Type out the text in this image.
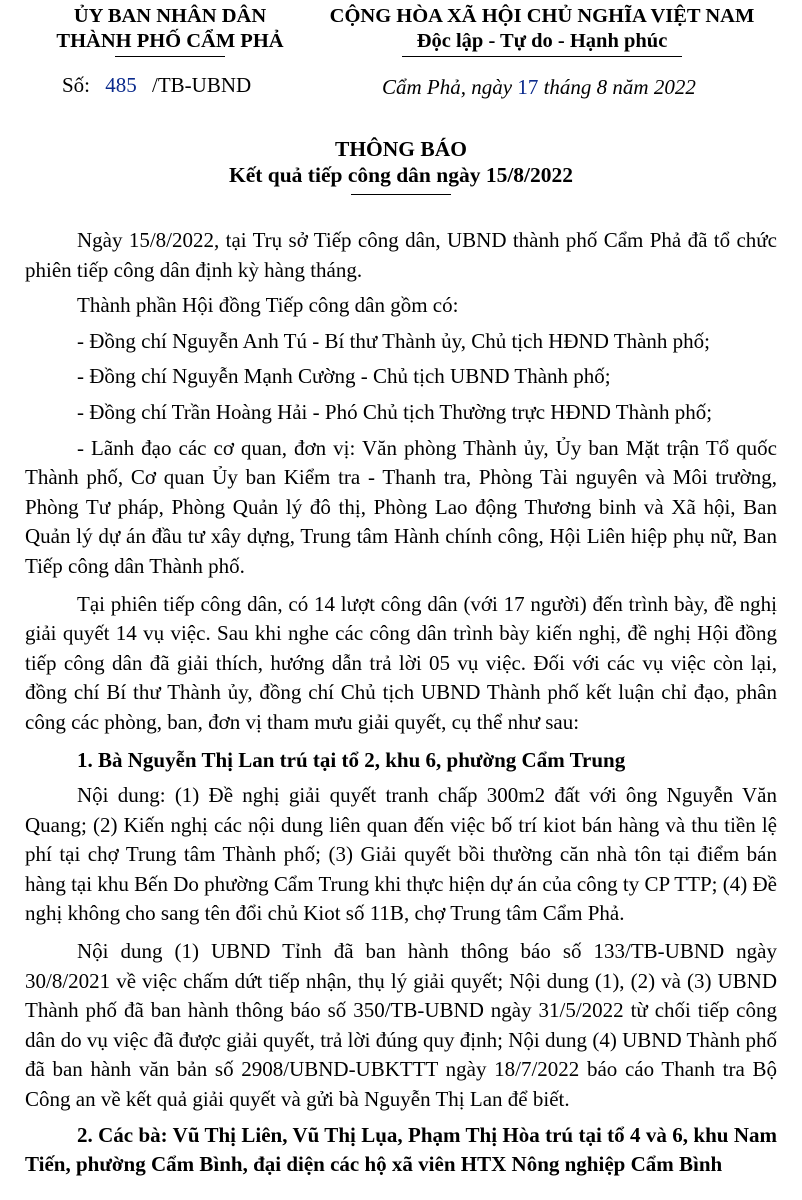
ỦY BAN NHÂN DÂN
THÀNH PHỐ CẨM PHẢ
CỘNG HÒA XÃ HỘI CHỦ NGHĨA VIỆT NAM
Độc lập - Tự do - Hạnh phúc
Số: 485 /TB-UBND	Cẩm Phả, ngày 17 tháng 8 năm 2022
THÔNG BÁO
Kết quả tiếp công dân ngày 15/8/2022

Ngày 15/8/2022, tại Trụ sở Tiếp công dân, UBND thành phố Cẩm Phả đã tổ chức phiên tiếp công dân định kỳ hàng tháng.

Thành phần Hội đồng Tiếp công dân gồm có:

- Đồng chí Nguyễn Anh Tú - Bí thư Thành ủy, Chủ tịch HĐND Thành phố;

- Đồng chí Nguyễn Mạnh Cường - Chủ tịch UBND Thành phố;

- Đồng chí Trần Hoàng Hải - Phó Chủ tịch Thường trực HĐND Thành phố;

- Lãnh đạo các cơ quan, đơn vị: Văn phòng Thành ủy, Ủy ban Mặt trận Tổ quốc Thành phố, Cơ quan Ủy ban Kiểm tra - Thanh tra, Phòng Tài nguyên và Môi trường, Phòng Tư pháp, Phòng Quản lý đô thị, Phòng Lao động Thương binh và Xã hội, Ban Quản lý dự án đầu tư xây dựng, Trung tâm Hành chính công, Hội Liên hiệp phụ nữ, Ban Tiếp công dân Thành phố.

Tại phiên tiếp công dân, có 14 lượt công dân (với 17 người) đến trình bày, đề nghị giải quyết 14 vụ việc. Sau khi nghe các công dân trình bày kiến nghị, đề nghị Hội đồng tiếp công dân đã giải thích, hướng dẫn trả lời 05 vụ việc. Đối với các vụ việc còn lại, đồng chí Bí thư Thành ủy, đồng chí Chủ tịch UBND Thành phố kết luận chỉ đạo, phân công các phòng, ban, đơn vị tham mưu giải quyết, cụ thể như sau:

1. Bà Nguyễn Thị Lan trú tại tổ 2, khu 6, phường Cẩm Trung

Nội dung: (1) Đề nghị giải quyết tranh chấp 300m2 đất với ông Nguyễn Văn Quang; (2) Kiến nghị các nội dung liên quan đến việc bố trí kiot bán hàng và thu tiền lệ phí tại chợ Trung tâm Thành phố; (3) Giải quyết bồi thường căn nhà tôn tại điểm bán hàng tại khu Bến Do phường Cẩm Trung khi thực hiện dự án của công ty CP TTP; (4) Đề nghị không cho sang tên đổi chủ Kiot số 11B, chợ Trung tâm Cẩm Phả.

Nội dung (1) UBND Tỉnh đã ban hành thông báo số 133/TB-UBND ngày 30/8/2021 về việc chấm dứt tiếp nhận, thụ lý giải quyết; Nội dung (1), (2) và (3) UBND Thành phố đã ban hành thông báo số 350/TB-UBND ngày 31/5/2022 từ chối tiếp công dân do vụ việc đã được giải quyết, trả lời đúng quy định; Nội dung (4) UBND Thành phố đã ban hành văn bản số 2908/UBND-UBKTTT ngày 18/7/2022 báo cáo Thanh tra Bộ Công an về kết quả giải quyết và gửi bà Nguyễn Thị Lan để biết.

2. Các bà: Vũ Thị Liên, Vũ Thị Lụa, Phạm Thị Hòa trú tại tổ 4 và 6, khu Nam Tiến, phường Cẩm Bình, đại diện các hộ xã viên HTX Nông nghiệp Cẩm Bình
